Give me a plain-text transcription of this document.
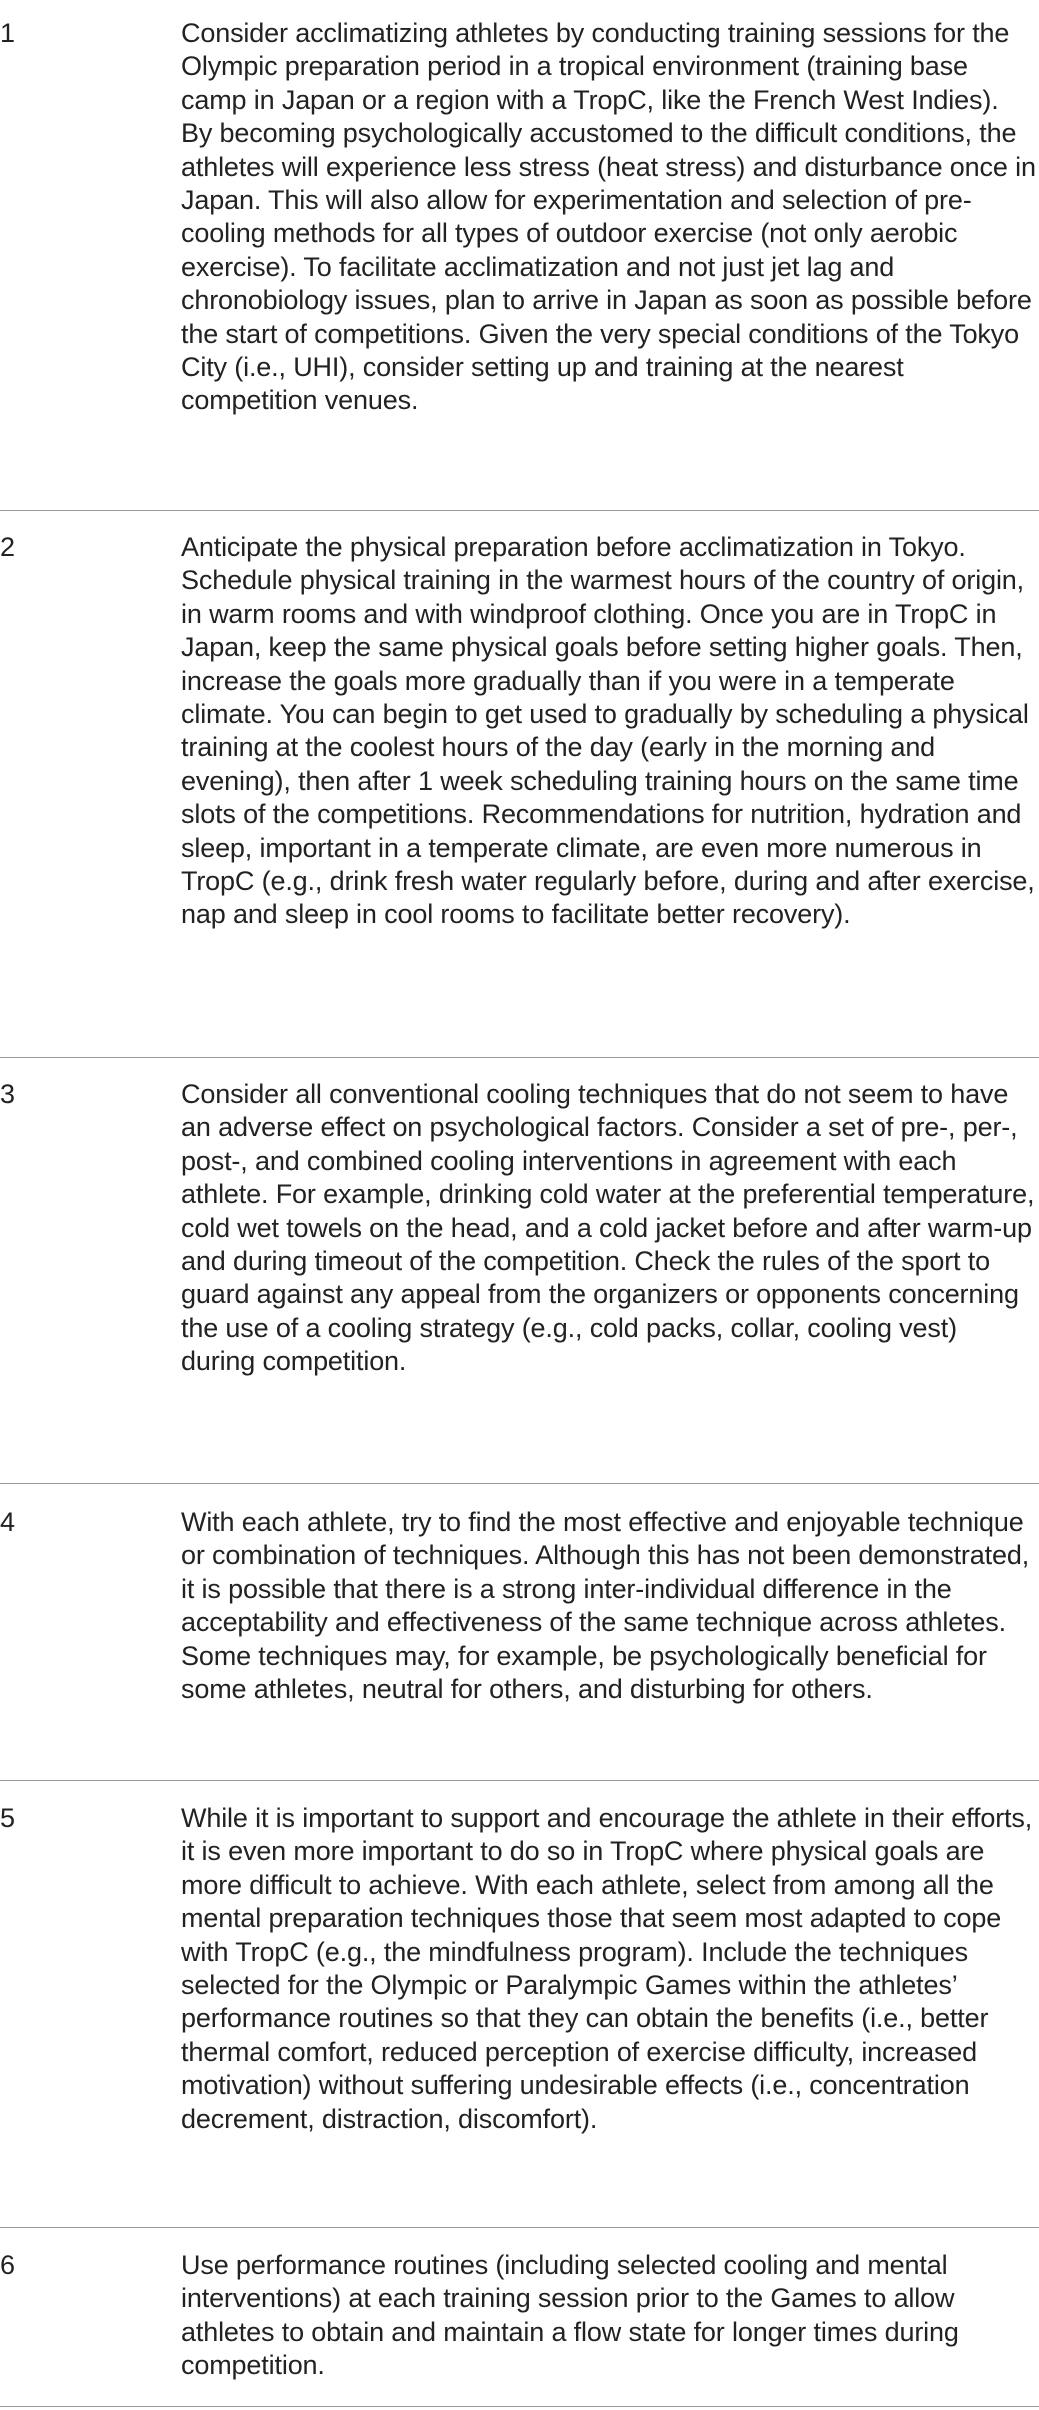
1	Consider acclimatizing athletes by conducting training sessions for the Olympic preparation period in a tropical environment (training base camp in Japan or a region with a TropC, like the French West Indies). By becoming psychologically accustomed to the difficult conditions, the athletes will experience less stress (heat stress) and disturbance once in Japan. This will also allow for experimentation and selection of pre-cooling methods for all types of outdoor exercise (not only aerobic exercise). To facilitate acclimatization and not just jet lag and chronobiology issues, plan to arrive in Japan as soon as possible before the start of competitions. Given the very special conditions of the Tokyo City (i.e., UHI), consider setting up and training at the nearest competition venues.
2	Anticipate the physical preparation before acclimatization in Tokyo. Schedule physical training in the warmest hours of the country of origin, in warm rooms and with windproof clothing. Once you are in TropC in Japan, keep the same physical goals before setting higher goals. Then, increase the goals more gradually than if you were in a temperate climate. You can begin to get used to gradually by scheduling a physical training at the coolest hours of the day (early in the morning and evening), then after 1 week scheduling training hours on the same time slots of the competitions. Recommendations for nutrition, hydration and sleep, important in a temperate climate, are even more numerous in TropC (e.g., drink fresh water regularly before, during and after exercise, nap and sleep in cool rooms to facilitate better recovery).
3	Consider all conventional cooling techniques that do not seem to have an adverse effect on psychological factors. Consider a set of pre-, per-, post-, and combined cooling interventions in agreement with each athlete. For example, drinking cold water at the preferential temperature, cold wet towels on the head, and a cold jacket before and after warm-up and during timeout of the competition. Check the rules of the sport to guard against any appeal from the organizers or opponents concerning the use of a cooling strategy (e.g., cold packs, collar, cooling vest) during competition.
4	With each athlete, try to find the most effective and enjoyable technique or combination of techniques. Although this has not been demonstrated, it is possible that there is a strong inter-individual difference in the acceptability and effectiveness of the same technique across athletes. Some techniques may, for example, be psychologically beneficial for some athletes, neutral for others, and disturbing for others.
5	While it is important to support and encourage the athlete in their efforts, it is even more important to do so in TropC where physical goals are more difficult to achieve. With each athlete, select from among all the mental preparation techniques those that seem most adapted to cope with TropC (e.g., the mindfulness program). Include the techniques selected for the Olympic or Paralympic Games within the athletes’ performance routines so that they can obtain the benefits (i.e., better thermal comfort, reduced perception of exercise difficulty, increased motivation) without suffering undesirable effects (i.e., concentration decrement, distraction, discomfort).
6	Use performance routines (including selected cooling and mental interventions) at each training session prior to the Games to allow athletes to obtain and maintain a flow state for longer times during competition.
